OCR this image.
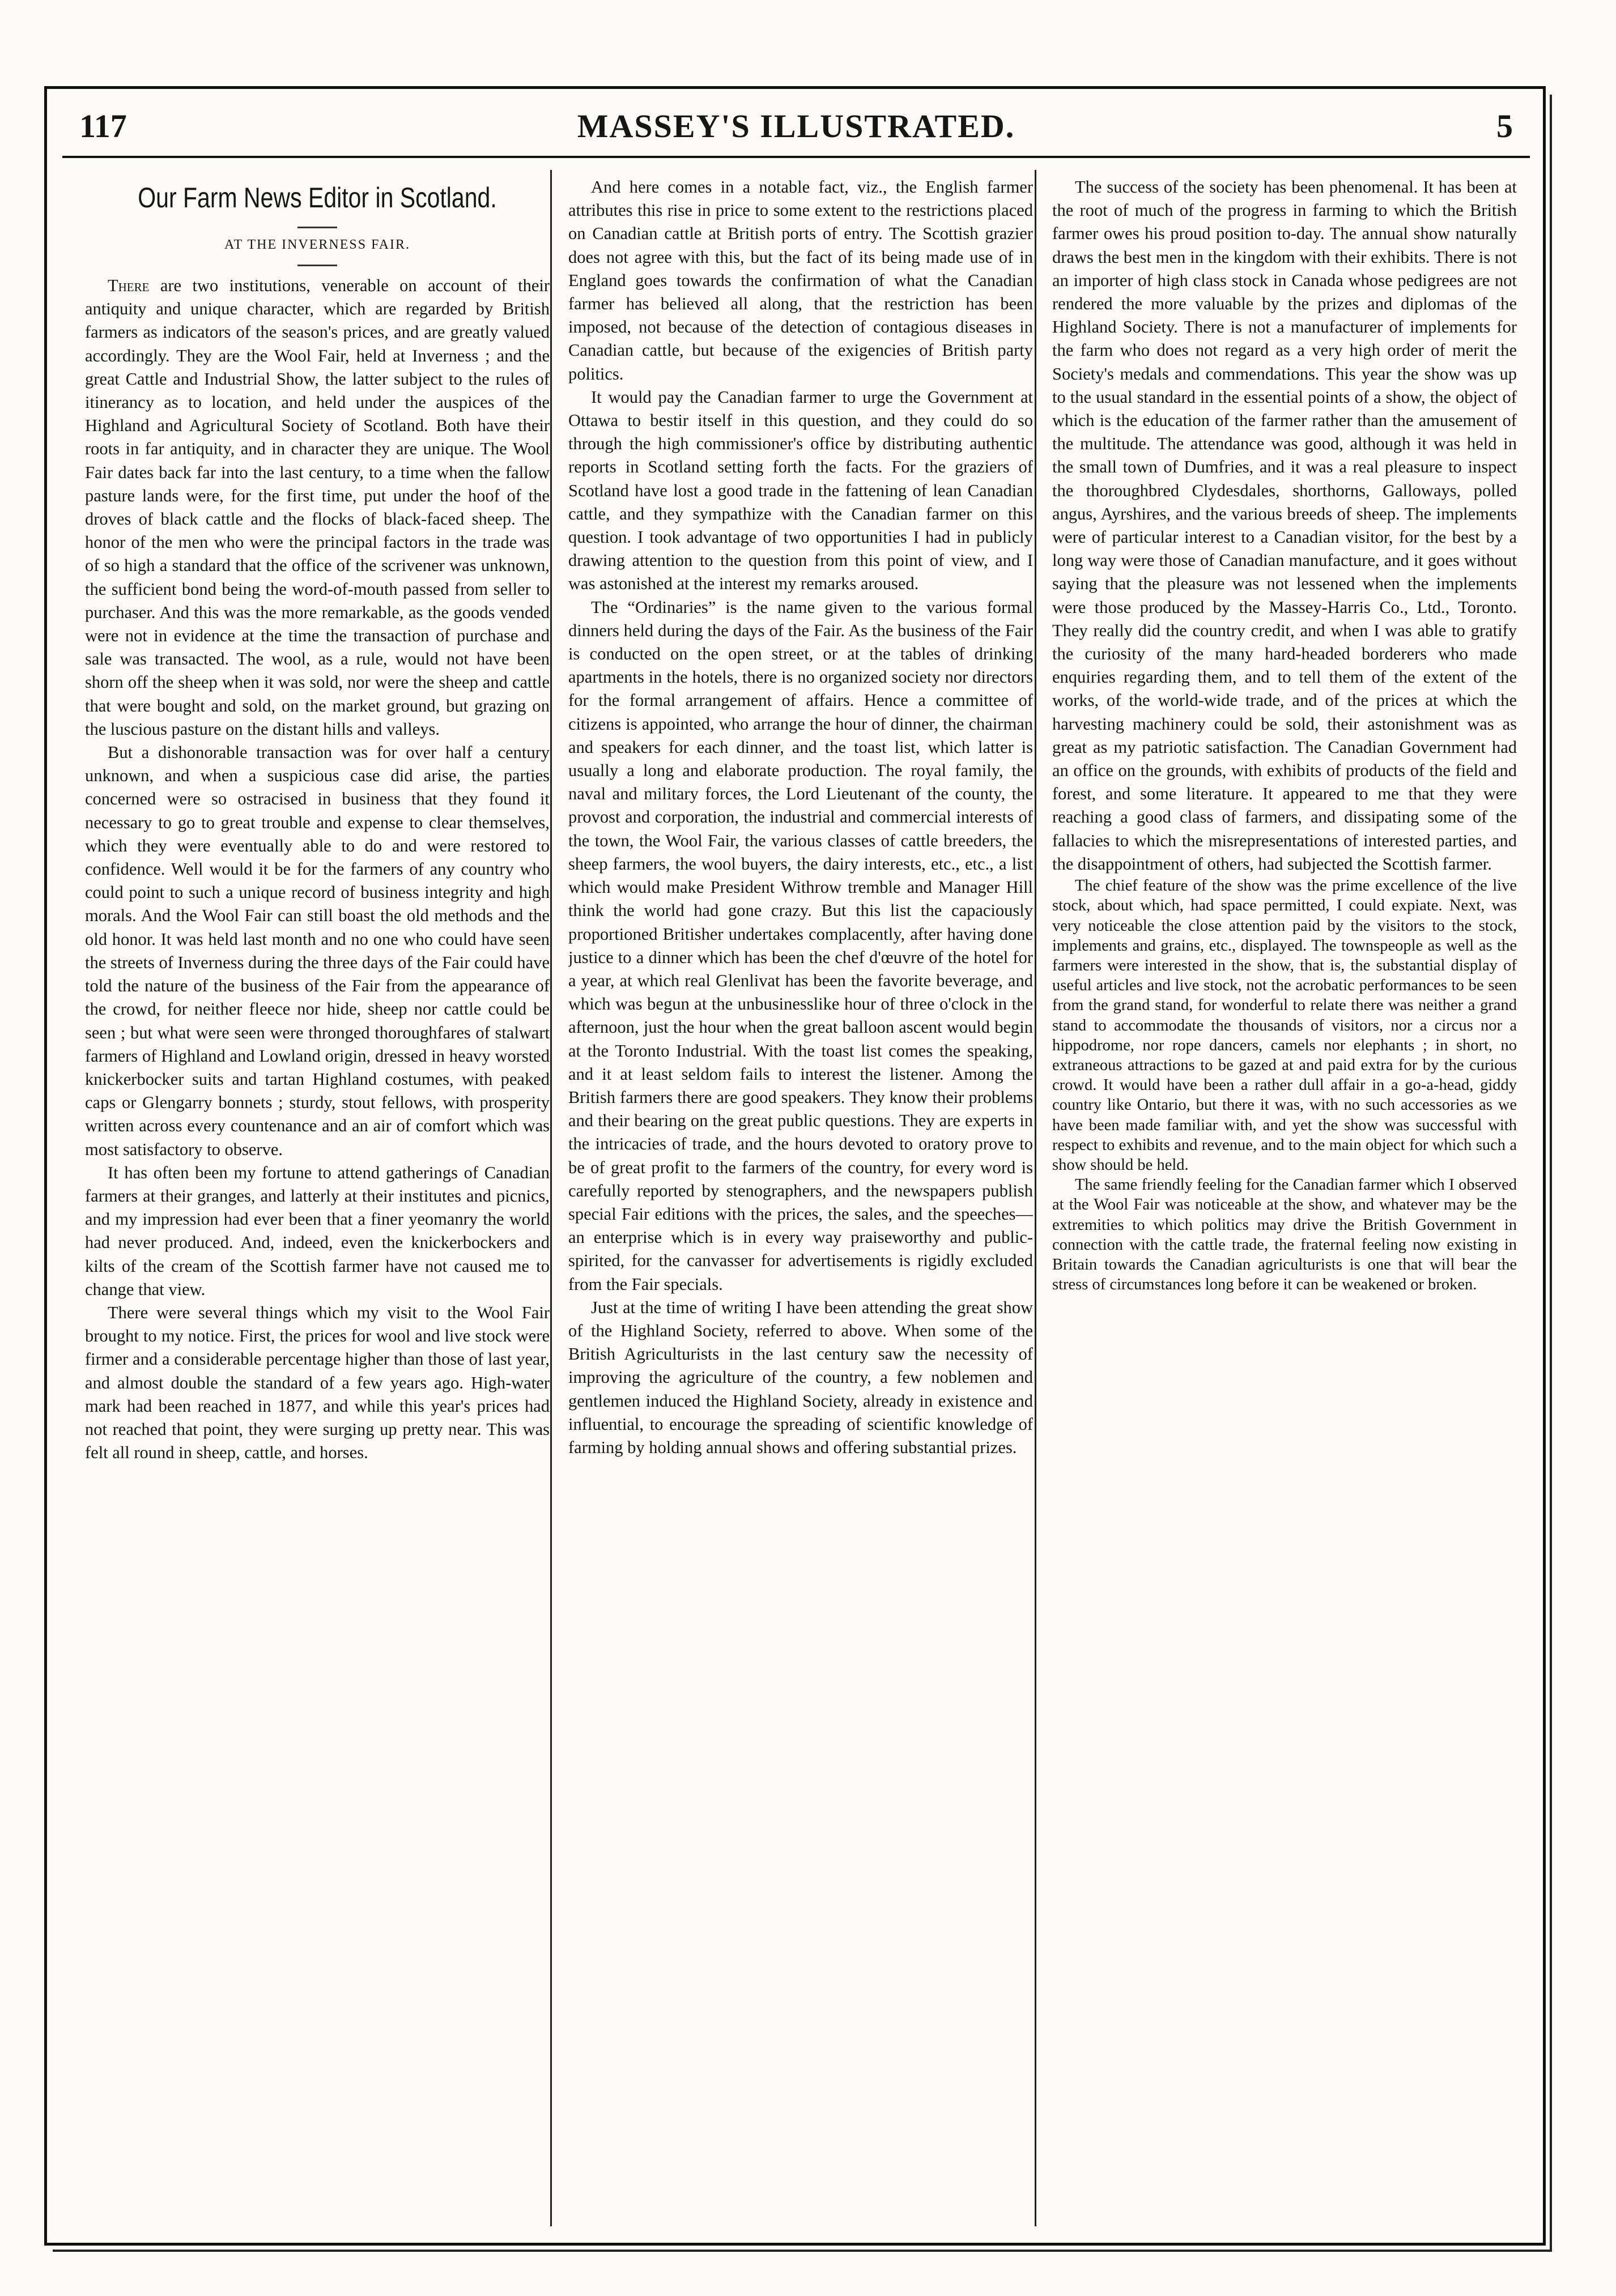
117	MASSEY'S ILLUSTRATED.	5
Our Farm News Editor in Scotland.
AT THE INVERNESS FAIR.

There are two institutions, venerable on account of their antiquity and unique character, which are regarded by British farmers as indicators of the season's prices, and are greatly valued accordingly. They are the Wool Fair, held at Inverness ; and the great Cattle and Industrial Show, the latter subject to the rules of itinerancy as to location, and held under the auspices of the Highland and Agricultural Society of Scotland. Both have their roots in far antiquity, and in character they are unique. The Wool Fair dates back far into the last century, to a time when the fallow pasture lands were, for the first time, put under the hoof of the droves of black cattle and the flocks of black-faced sheep. The honor of the men who were the principal factors in the trade was of so high a standard that the office of the scrivener was unknown, the sufficient bond being the word-of-mouth passed from seller to purchaser. And this was the more remarkable, as the goods vended were not in evidence at the time the transaction of purchase and sale was transacted. The wool, as a rule, would not have been shorn off the sheep when it was sold, nor were the sheep and cattle that were bought and sold, on the market ground, but grazing on the luscious pasture on the distant hills and valleys.

But a dishonorable transaction was for over half a century unknown, and when a suspicious case did arise, the parties concerned were so ostracised in business that they found it necessary to go to great trouble and expense to clear themselves, which they were eventually able to do and were restored to confidence. Well would it be for the farmers of any country who could point to such a unique record of business integrity and high morals. And the Wool Fair can still boast the old methods and the old honor. It was held last month and no one who could have seen the streets of Inverness during the three days of the Fair could have told the nature of the business of the Fair from the appearance of the crowd, for neither fleece nor hide, sheep nor cattle could be seen ; but what were seen were thronged thoroughfares of stalwart farmers of Highland and Lowland origin, dressed in heavy worsted knickerbocker suits and tartan Highland costumes, with peaked caps or Glengarry bonnets ; sturdy, stout fellows, with prosperity written across every countenance and an air of comfort which was most satisfactory to observe.

It has often been my fortune to attend gatherings of Canadian farmers at their granges, and latterly at their institutes and picnics, and my impression had ever been that a finer yeomanry the world had never produced. And, indeed, even the knickerbockers and kilts of the cream of the Scottish farmer have not caused me to change that view.

There were several things which my visit to the Wool Fair brought to my notice. First, the prices for wool and live stock were firmer and a considerable percentage higher than those of last year, and almost double the standard of a few years ago. High-water mark had been reached in 1877, and while this year's prices had not reached that point, they were surging up pretty near. This was felt all round in sheep, cattle, and horses.

And here comes in a notable fact, viz., the English farmer attributes this rise in price to some extent to the restrictions placed on Canadian cattle at British ports of entry. The Scottish grazier does not agree with this, but the fact of its being made use of in England goes towards the confirmation of what the Canadian farmer has believed all along, that the restriction has been imposed, not because of the detection of contagious diseases in Canadian cattle, but because of the exigencies of British party politics.

It would pay the Canadian farmer to urge the Government at Ottawa to bestir itself in this question, and they could do so through the high commissioner's office by distributing authentic reports in Scotland setting forth the facts. For the graziers of Scotland have lost a good trade in the fattening of lean Canadian cattle, and they sympathize with the Canadian farmer on this question. I took advantage of two opportunities I had in publicly drawing attention to the question from this point of view, and I was astonished at the interest my remarks aroused.

The “Ordinaries” is the name given to the various formal dinners held during the days of the Fair. As the business of the Fair is conducted on the open street, or at the tables of drinking apartments in the hotels, there is no organized society nor directors for the formal arrangement of affairs. Hence a committee of citizens is appointed, who arrange the hour of dinner, the chairman and speakers for each dinner, and the toast list, which latter is usually a long and elaborate production. The royal family, the naval and military forces, the Lord Lieutenant of the county, the provost and corporation, the industrial and commercial interests of the town, the Wool Fair, the various classes of cattle breeders, the sheep farmers, the wool buyers, the dairy interests, etc., etc., a list which would make President Withrow tremble and Manager Hill think the world had gone crazy. But this list the capaciously proportioned Britisher undertakes complacently, after having done justice to a dinner which has been the chef d'œuvre of the hotel for a year, at which real Glenlivat has been the favorite beverage, and which was begun at the unbusinesslike hour of three o'clock in the afternoon, just the hour when the great balloon ascent would begin at the Toronto Industrial. With the toast list comes the speaking, and it at least seldom fails to interest the listener. Among the British farmers there are good speakers. They know their problems and their bearing on the great public questions. They are experts in the intricacies of trade, and the hours devoted to oratory prove to be of great profit to the farmers of the country, for every word is carefully reported by stenographers, and the newspapers publish special Fair editions with the prices, the sales, and the speeches—an enterprise which is in every way praiseworthy and public-spirited, for the canvasser for advertisements is rigidly excluded from the Fair specials.

Just at the time of writing I have been attending the great show of the Highland Society, referred to above. When some of the British Agriculturists in the last century saw the necessity of improving the agriculture of the country, a few noblemen and gentlemen induced the Highland Society, already in existence and influential, to encourage the spreading of scientific knowledge of farming by holding annual shows and offering substantial prizes.

The success of the society has been phenomenal. It has been at the root of much of the progress in farming to which the British farmer owes his proud position to-day. The annual show naturally draws the best men in the kingdom with their exhibits. There is not an importer of high class stock in Canada whose pedigrees are not rendered the more valuable by the prizes and diplomas of the Highland Society. There is not a manufacturer of implements for the farm who does not regard as a very high order of merit the Society's medals and commendations. This year the show was up to the usual standard in the essential points of a show, the object of which is the education of the farmer rather than the amusement of the multitude. The attendance was good, although it was held in the small town of Dumfries, and it was a real pleasure to inspect the thoroughbred Clydesdales, shorthorns, Galloways, polled angus, Ayrshires, and the various breeds of sheep. The implements were of particular interest to a Canadian visitor, for the best by a long way were those of Canadian manufacture, and it goes without saying that the pleasure was not lessened when the implements were those produced by the Massey-Harris Co., Ltd., Toronto. They really did the country credit, and when I was able to gratify the curiosity of the many hard-headed borderers who made enquiries regarding them, and to tell them of the extent of the works, of the world-wide trade, and of the prices at which the harvesting machinery could be sold, their astonishment was as great as my patriotic satisfaction. The Canadian Government had an office on the grounds, with exhibits of products of the field and forest, and some literature. It appeared to me that they were reaching a good class of farmers, and dissipating some of the fallacies to which the misrepresentations of interested parties, and the disappointment of others, had subjected the Scottish farmer.

The chief feature of the show was the prime excellence of the live stock, about which, had space permitted, I could expiate. Next, was very noticeable the close attention paid by the visitors to the stock, implements and grains, etc., displayed. The townspeople as well as the farmers were interested in the show, that is, the substantial display of useful articles and live stock, not the acrobatic performances to be seen from the grand stand, for wonderful to relate there was neither a grand stand to accommodate the thousands of visitors, nor a circus nor a hippodrome, nor rope dancers, camels nor elephants ; in short, no extraneous attractions to be gazed at and paid extra for by the curious crowd. It would have been a rather dull affair in a go-a-head, giddy country like Ontario, but there it was, with no such accessories as we have been made familiar with, and yet the show was successful with respect to exhibits and revenue, and to the main object for which such a show should be held.

The same friendly feeling for the Canadian farmer which I observed at the Wool Fair was noticeable at the show, and whatever may be the extremities to which politics may drive the British Government in connection with the cattle trade, the fraternal feeling now existing in Britain towards the Canadian agriculturists is one that will bear the stress of circumstances long before it can be weakened or broken.
